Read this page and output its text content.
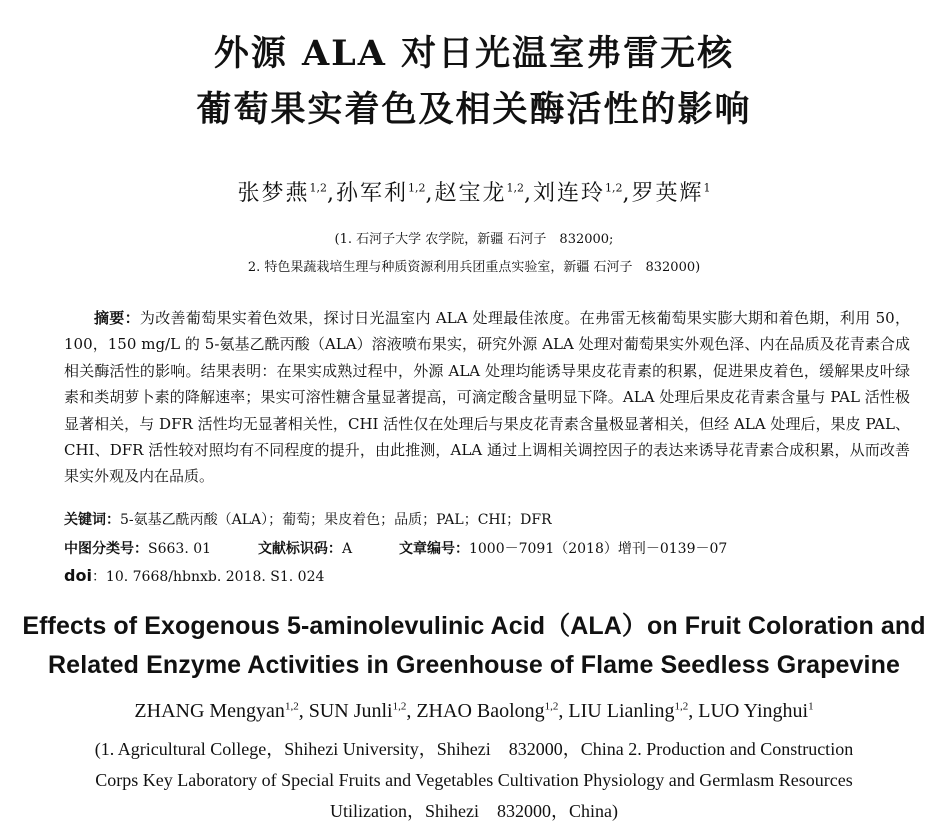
外源 ALA 对日光温室弗雷无核
葡萄果实着色及相关酶活性的影响
张梦燕$^{1,2}$,孙军利$^{1,2}$,赵宝龙$^{1,2}$,刘连玲$^{1,2}$,罗英辉$^1$
(1. 石河子大学 农学院，新疆 石河子　832000;
2. 特色果蔬栽培生理与种质资源利用兵团重点实验室，新疆 石河子　832000)
摘要：为改善葡萄果实着色效果，探讨日光温室内 ALA 处理最佳浓度。在弗雷无核葡萄果实膨大期和着色期，利用 50，100，150 mg/L 的 5-氨基乙酰丙酸（ALA）溶液喷布果实，研究外源 ALA 处理对葡萄果实外观色泽、内在品质及花青素合成相关酶活性的影响。结果表明：在果实成熟过程中，外源 ALA 处理均能诱导果皮花青素的积累，促进果皮着色，缓解果皮叶绿素和类胡萝卜素的降解速率；果实可溶性糖含量显著提高，可滴定酸含量明显下降。ALA 处理后果皮花青素含量与 PAL 活性极显著相关，与 DFR 活性均无显著相关性，CHI 活性仅在处理后与果皮花青素含量极显著相关，但经 ALA 处理后，果皮 PAL、CHI、DFR 活性较对照均有不同程度的提升，由此推测，ALA 通过上调相关调控因子的表达来诱导花青素合成积累，从而改善果实外观及内在品质。
关键词：5-氨基乙酰丙酸（ALA）；葡萄；果皮着色；品质；PAL；CHI；DFR
中图分类号：S663. 01	文献标识码：A	文章编号：1000－7091（2018）增刊－0139－07
doi：10. 7668/hbnxb. 2018. S1. 024
Effects of Exogenous 5-aminolevulinic Acid（ALA）on Fruit Coloration and
Related Enzyme Activities in Greenhouse of Flame Seedless Grapevine
ZHANG Mengyan$^{1,2}$, SUN Junli$^{1,2}$, ZHAO Baolong$^{1,2}$, LIU Lianling$^{1,2}$, LUO Yinghui$^1$
(1. Agricultural College，Shihezi University，Shihezi　832000，China 2. Production and Construction
Corps Key Laboratory of Special Fruits and Vegetables Cultivation Physiology and Germlasm Resources
Utilization，Shihezi　832000，China)
